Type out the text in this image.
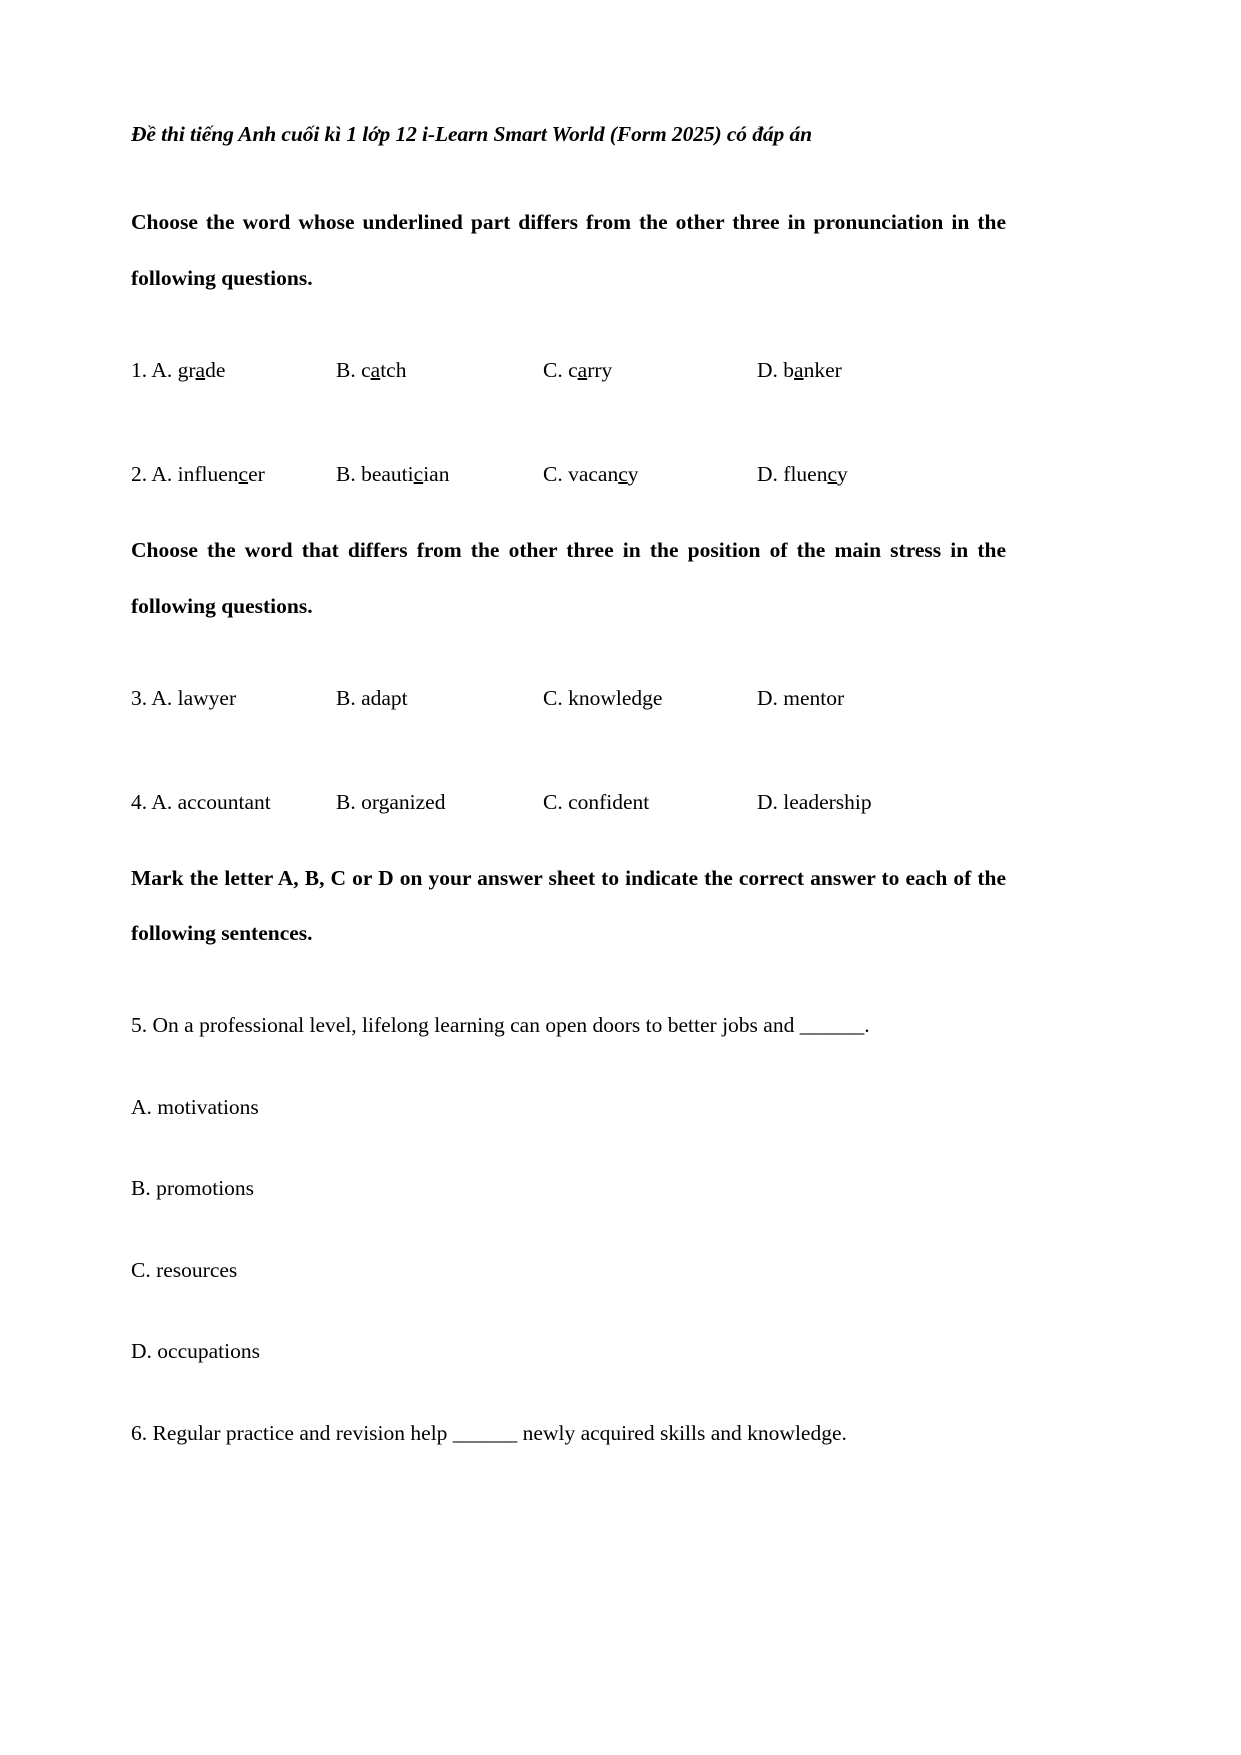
Đề thi tiếng Anh cuối kì 1 lớp 12 i-Learn Smart World (Form 2025) có đáp án

Choose the word whose underlined part differs from the other three in pronunciation in the following questions.

1. A. grade	B. catch	C. carry	D. banker
2. A. influencer	B. beautician	C. vacancy	D. fluency

Choose the word that differs from the other three in the position of the main stress in the following questions.

3. A. lawyer	B. adapt	C. knowledge	D. mentor
4. A. accountant	B. organized	C. confident	D. leadership

Mark the letter A, B, C or D on your answer sheet to indicate the correct answer to each of the following sentences.

5. On a professional level, lifelong learning can open doors to better jobs and ______.

A. motivations

B. promotions

C. resources

D. occupations

6. Regular practice and revision help ______ newly acquired skills and knowledge.
